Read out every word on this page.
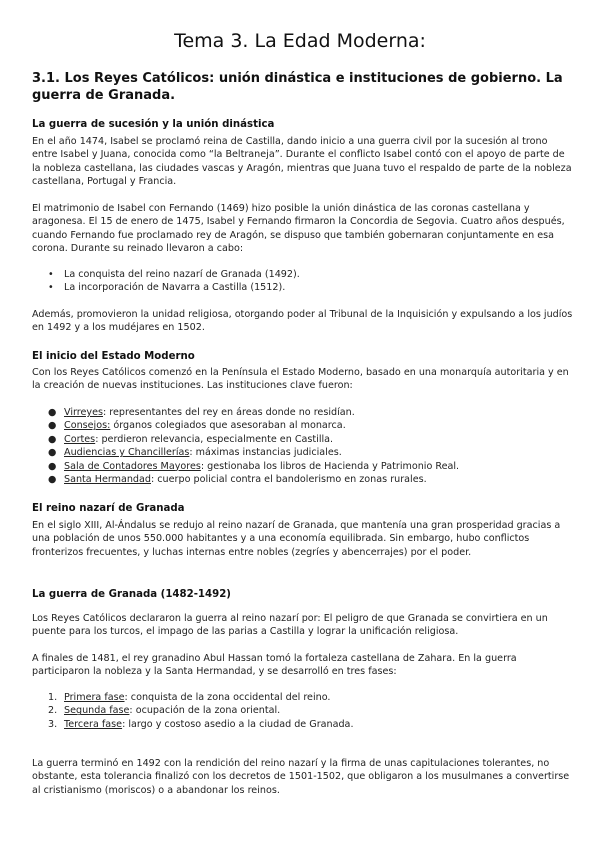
Tema 3. La Edad Moderna:
3.1. Los Reyes Católicos: unión dinástica e instituciones de gobierno. La guerra de Granada.
La guerra de sucesión y la unión dinástica

En el año 1474, Isabel se proclamó reina de Castilla, dando inicio a una guerra civil por la sucesión al trono entre Isabel y Juana, conocida como “la Beltraneja”. Durante el conflicto Isabel contó con el apoyo de parte de la nobleza castellana, las ciudades vascas y Aragón, mientras que Juana tuvo el respaldo de parte de la nobleza castellana, Portugal y Francia.

El matrimonio de Isabel con Fernando (1469) hizo posible la unión dinástica de las coronas castellana y aragonesa. El 15 de enero de 1475, Isabel y Fernando firmaron la Concordia de Segovia. Cuatro años después, cuando Fernando fue proclamado rey de Aragón, se dispuso que también gobernaran conjuntamente en esa corona. Durante su reinado llevaron a cabo:

• La conquista del reino nazarí de Granada (1492).
• La incorporación de Navarra a Castilla (1512).

Además, promovieron la unidad religiosa, otorgando poder al Tribunal de la Inquisición y expulsando a los judíos en 1492 y a los mudéjares en 1502.

El inicio del Estado Moderno

Con los Reyes Católicos comenzó en la Península el Estado Moderno, basado en una monarquía autoritaria y en la creación de nuevas instituciones. Las instituciones clave fueron:

● Virreyes: representantes del rey en áreas donde no residían.
● Consejos: órganos colegiados que asesoraban al monarca.
● Cortes: perdieron relevancia, especialmente en Castilla.
● Audiencias y Chancillerías: máximas instancias judiciales.
● Sala de Contadores Mayores: gestionaba los libros de Hacienda y Patrimonio Real.
● Santa Hermandad: cuerpo policial contra el bandolerismo en zonas rurales.
El reino nazarí de Granada

En el siglo XIII, Al-Ándalus se redujo al reino nazarí de Granada, que mantenía una gran prosperidad gracias a una población de unos 550.000 habitantes y a una economía equilibrada. Sin embargo, hubo conflictos fronterizos frecuentes, y luchas internas entre nobles (zegríes y abencerrajes) por el poder.

La guerra de Granada (1482-1492)

Los Reyes Católicos declararon la guerra al reino nazarí por: El peligro de que Granada se convirtiera en un puente para los turcos, el impago de las parias a Castilla y lograr la unificación religiosa.

A finales de 1481, el rey granadino Abul Hassan tomó la fortaleza castellana de Zahara. En la guerra participaron la nobleza y la Santa Hermandad, y se desarrolló en tres fases:

1. Primera fase: conquista de la zona occidental del reino.
2. Segunda fase: ocupación de la zona oriental.
3. Tercera fase: largo y costoso asedio a la ciudad de Granada.

La guerra terminó en 1492 con la rendición del reino nazarí y la firma de unas capitulaciones tolerantes, no obstante, esta tolerancia finalizó con los decretos de 1501-1502, que obligaron a los musulmanes a convertirse al cristianismo (moriscos) o a abandonar los reinos.
